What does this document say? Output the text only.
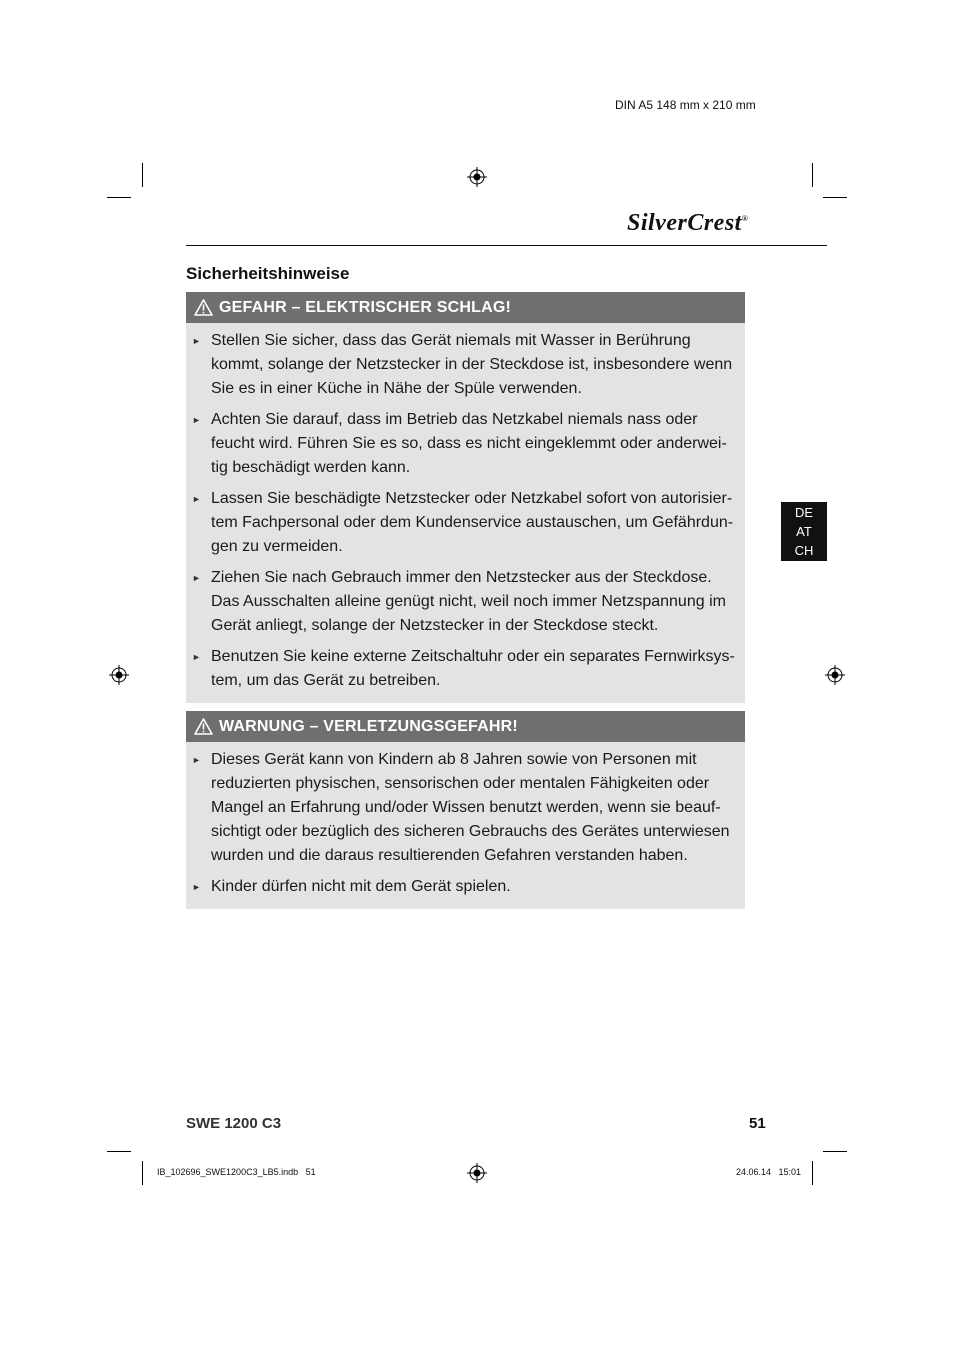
DIN A5 148 mm x 210 mm
SilverCrest®
Sicherheitshinweise
GEFAHR – ELEKTRISCHER SCHLAG!
► Stellen Sie sicher, dass das Gerät niemals mit Wasser in Berührung kommt, solange der Netzstecker in der Steckdose ist, insbesondere wenn Sie es in einer Küche in Nähe der Spüle verwenden.
► Achten Sie darauf, dass im Betrieb das Netzkabel niemals nass oder feucht wird. Führen Sie es so, dass es nicht eingeklemmt oder anderwei-tig beschädigt werden kann.
► Lassen Sie beschädigte Netzstecker oder Netzkabel sofort von autorisier-tem Fachpersonal oder dem Kundenservice austauschen, um Gefährdun-gen zu vermeiden.
► Ziehen Sie nach Gebrauch immer den Netzstecker aus der Steckdose. Das Ausschalten alleine genügt nicht, weil noch immer Netzspannung im Gerät anliegt, solange der Netzstecker in der Steckdose steckt.
► Benutzen Sie keine externe Zeitschaltuhr oder ein separates Fernwirksys-tem, um das Gerät zu betreiben.
WARNUNG – VERLETZUNGSGEFAHR!
► Dieses Gerät kann von Kindern ab 8 Jahren sowie von Personen mit reduzierten physischen, sensorischen oder mentalen Fähigkeiten oder Mangel an Erfahrung und/oder Wissen benutzt werden, wenn sie beauf-sichtigt oder bezüglich des sicheren Gebrauchs des Gerätes unterwiesen wurden und die daraus resultierenden Gefahren verstanden haben.
► Kinder dürfen nicht mit dem Gerät spielen.
DE
AT
CH
SWE 1200 C3	51
IB_102696_SWE1200C3_LB5.indb   51	24.06.14   15:01
